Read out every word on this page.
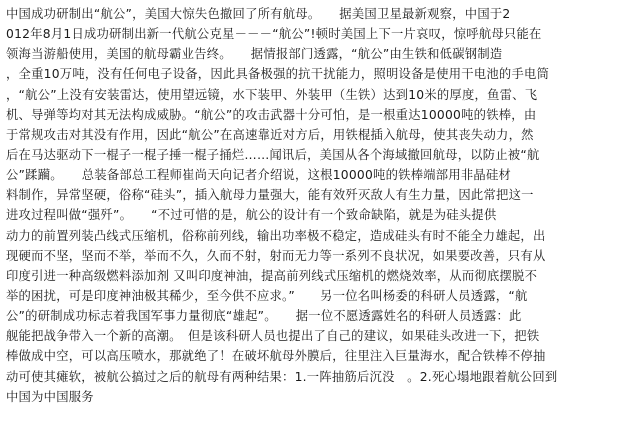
中国成功研制出“航公”，美国大惊失色撤回了所有航母。　　据美国卫星最新观察，中国于2
012年8月1日成功研制出新一代航公克星－－－“航公”!顿时美国上下一片哀叹，惊呼航母只能在
领海当游船使用，美国的航母霸业告终。　　据情报部门透露，“航公”由生铁和低碳钢制造
，全重10万吨，没有任何电子设备，因此具备极强的抗干扰能力，照明设备是使用干电池的手电筒
，“航公”上没有安装雷达，使用望远镜，水下装甲、外装甲（生铁）达到10米的厚度，鱼雷、飞
机、导弹等均对其无法构成威胁。“航公”的攻击武器十分可怕，是一根重达10000吨的铁棒，由
于常规攻击对其没有作用，因此“航公”在高速靠近对方后，用铁棍插入航母，使其丧失动力，然
后在马达驱动下一棍子一棍子捶一棍子捅烂……闻讯后，美国从各个海域撤回航母，以防止被“航
公”蹂躏。　　总装备部总工程师崔尚天向记者介绍说，这根10000吨的铁棒端部用非晶硅材
料制作，异常坚硬，俗称“硅头”，插入航母力量强大，能有效歼灭敌人有生力量，因此常把这一
进攻过程叫做“强歼”。　　“不过可惜的是，航公的设计有一个致命缺陷，就是为硅头提供
动力的前置列装凸线式压缩机，俗称前列线，输出功率极不稳定，造成硅头有时不能全力雄起，出
现硬而不坚，坚而不举，举而不久，久而不射，射而无力等一系列不良状况，如果要改善，只有从
印度引进一种高级燃料添加剂 又叫印度神油，提高前列线式压缩机的燃烧效率，从而彻底摆脱不
举的困扰，可是印度神油极其稀少，至今供不应求。”　　另一位名叫杨委的科研人员透露，“航
公”的研制成功标志着我国军事力量彻底“雄起”。　　据一位不愿透露姓名的科研人员透露：此
舰能把战争带入一个新的高潮。　但是该科研人员也提出了自己的建议，如果硅头改进一下，把铁
棒做成中空，可以高压喷水，那就绝了！在破坏航母外膜后，往里注入巨量海水，配合铁棒不停抽
动可使其瘫软，被航公搞过之后的航母有两种结果：1.一阵抽筋后沉没　。2.死心塌地跟着航公回到
中国为中国服务
